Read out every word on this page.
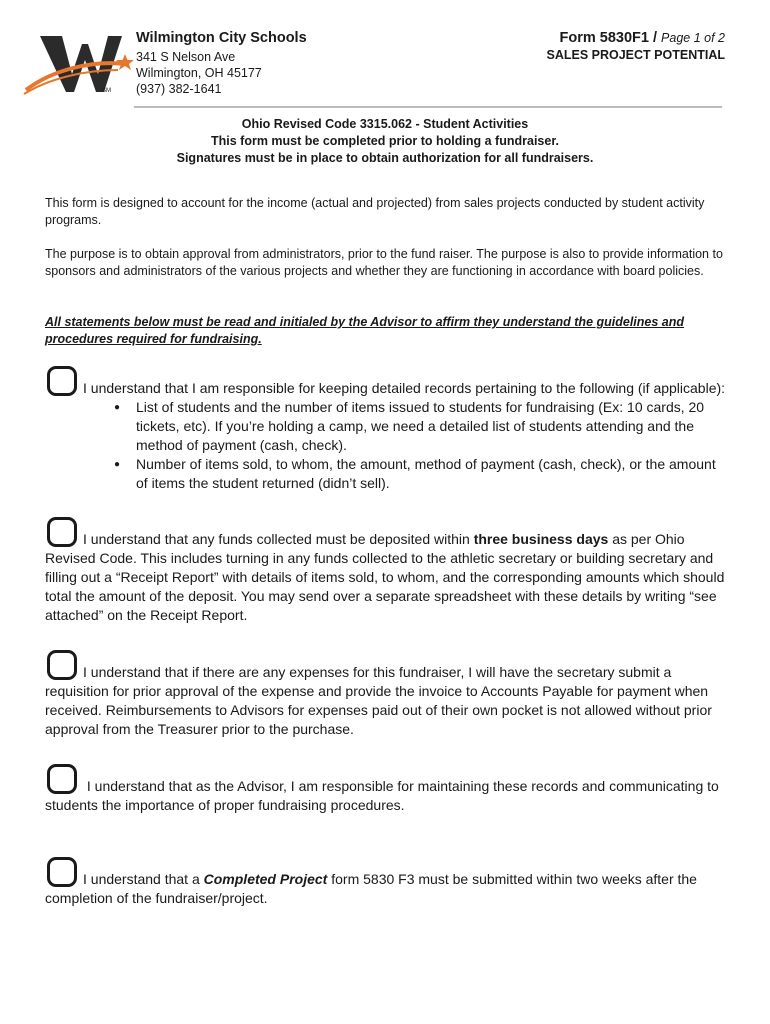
SM
Wilmington City Schools
341 S Nelson Ave
Wilmington, OH 45177
(937) 382-1641
Form 5830F1 / Page 1 of 2
SALES PROJECT POTENTIAL
Ohio Revised Code 3315.062 - Student Activities
This form must be completed prior to holding a fundraiser.
Signatures must be in place to obtain authorization for all fundraisers.
This form is designed to account for the income (actual and projected) from sales projects conducted by student activity programs.
The purpose is to obtain approval from administrators, prior to the fund raiser. The purpose is also to provide information to sponsors and administrators of the various projects and whether they are functioning in accordance with board policies.
All statements below must be read and initialed by the Advisor to affirm they understand the guidelines and procedures required for fundraising.
I understand that I am responsible for keeping detailed records pertaining to the following (if applicable):
● List of students and the number of items issued to students for fundraising (Ex: 10 cards, 20 tickets, etc). If you’re holding a camp, we need a detailed list of students attending and the method of payment (cash, check).
● Number of items sold, to whom, the amount, method of payment (cash, check), or the amount of items the student returned (didn’t sell).
I understand that any funds collected must be deposited within three business days as per Ohio Revised Code. This includes turning in any funds collected to the athletic secretary or building secretary and filling out a “Receipt Report” with details of items sold, to whom, and the corresponding amounts which should total the amount of the deposit. You may send over a separate spreadsheet with these details by writing “see attached” on the Receipt Report.
I understand that if there are any expenses for this fundraiser, I will have the secretary submit a requisition for prior approval of the expense and provide the invoice to Accounts Payable for payment when received. Reimbursements to Advisors for expenses paid out of their own pocket is not allowed without prior approval from the Treasurer prior to the purchase.
I understand that as the Advisor, I am responsible for maintaining these records and communicating to students the importance of proper fundraising procedures.
I understand that a Completed Project form 5830 F3 must be submitted within two weeks after the completion of the fundraiser/project.
